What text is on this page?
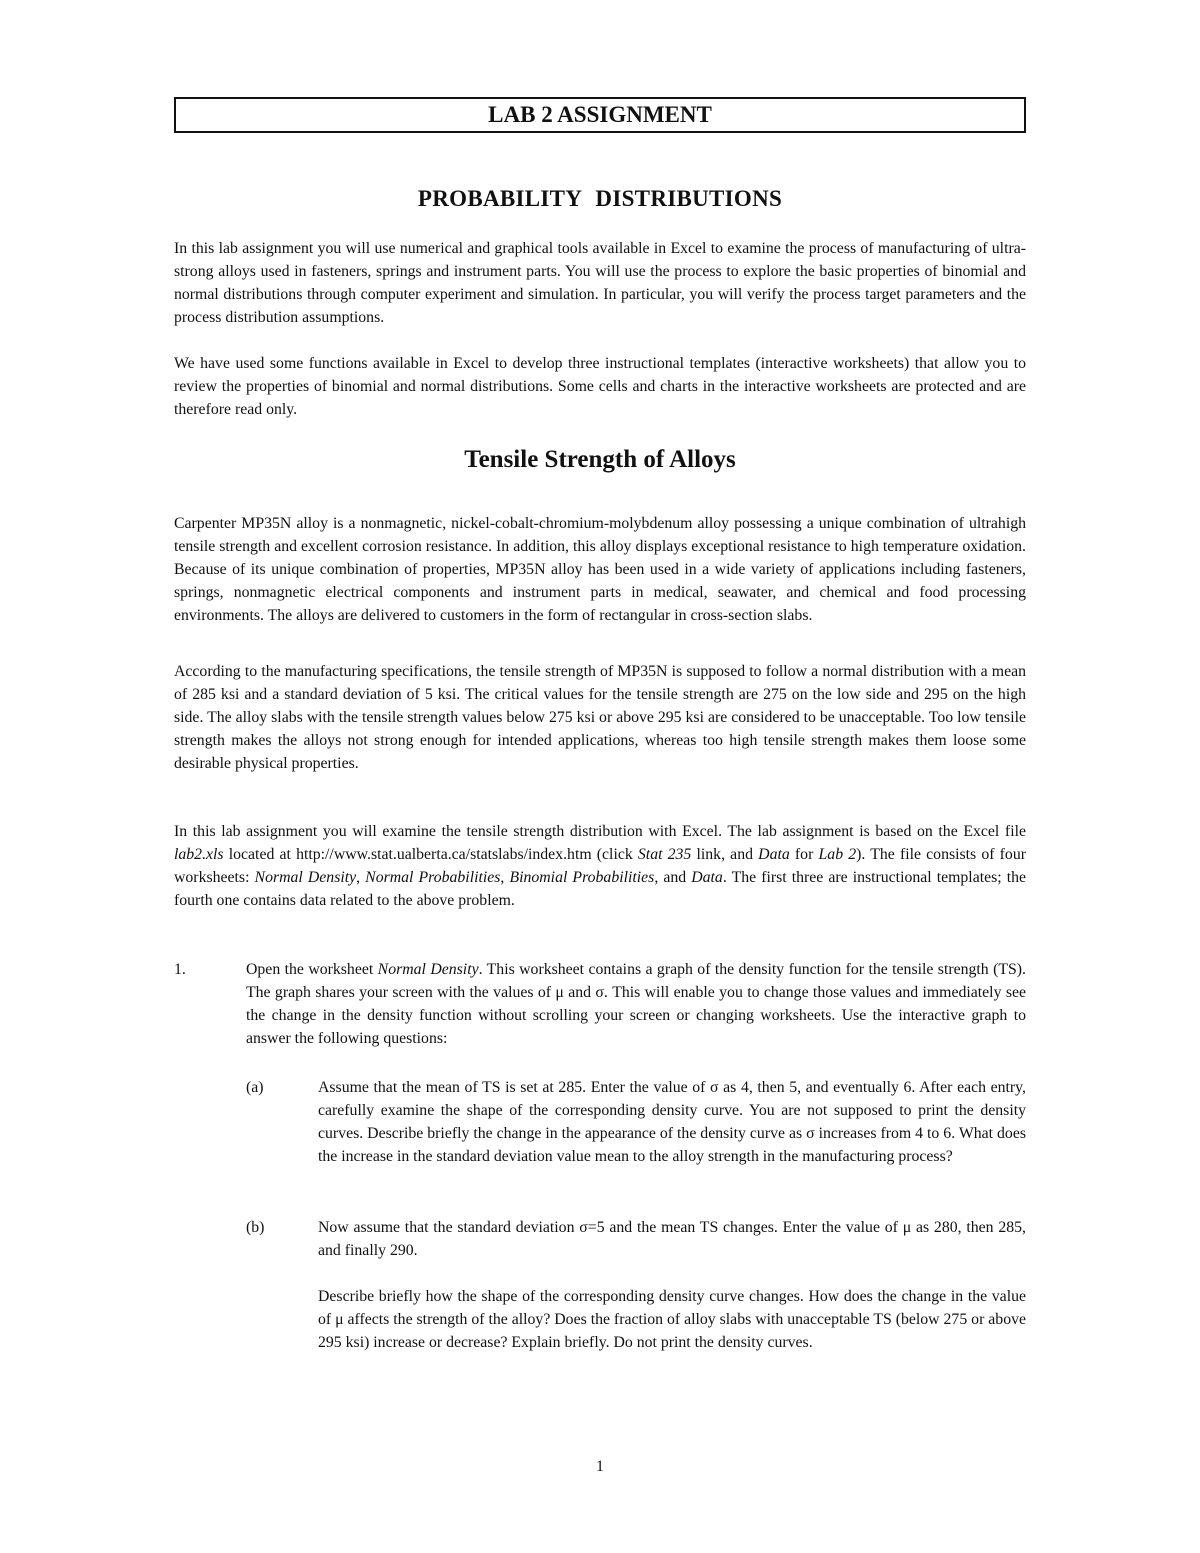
LAB 2 ASSIGNMENT
PROBABILITY DISTRIBUTIONS

In this lab assignment you will use numerical and graphical tools available in Excel to examine the process of manufacturing of ultra-strong alloys used in fasteners, springs and instrument parts. You will use the process to explore the basic properties of binomial and normal distributions through computer experiment and simulation. In particular, you will verify the process target parameters and the process distribution assumptions.

We have used some functions available in Excel to develop three instructional templates (interactive worksheets) that allow you to review the properties of binomial and normal distributions. Some cells and charts in the interactive worksheets are protected and are therefore read only.

Tensile Strength of Alloys

Carpenter MP35N alloy is a nonmagnetic, nickel-cobalt-chromium-molybdenum alloy possessing a unique combination of ultrahigh tensile strength and excellent corrosion resistance. In addition, this alloy displays exceptional resistance to high temperature oxidation. Because of its unique combination of properties, MP35N alloy has been used in a wide variety of applications including fasteners, springs, nonmagnetic electrical components and instrument parts in medical, seawater, and chemical and food processing environments. The alloys are delivered to customers in the form of rectangular in cross-section slabs.

According to the manufacturing specifications, the tensile strength of MP35N is supposed to follow a normal distribution with a mean of 285 ksi and a standard deviation of 5 ksi. The critical values for the tensile strength are 275 on the low side and 295 on the high side. The alloy slabs with the tensile strength values below 275 ksi or above 295 ksi are considered to be unacceptable. Too low tensile strength makes the alloys not strong enough for intended applications, whereas too high tensile strength makes them loose some desirable physical properties.

In this lab assignment you will examine the tensile strength distribution with Excel. The lab assignment is based on the Excel file lab2.xls located at http://www.stat.ualberta.ca/statslabs/index.htm (click Stat 235 link, and Data for Lab 2). The file consists of four worksheets: Normal Density, Normal Probabilities, Binomial Probabilities, and Data. The first three are instructional templates; the fourth one contains data related to the above problem.

1.	Open the worksheet Normal Density. This worksheet contains a graph of the density function for the tensile strength (TS). The graph shares your screen with the values of μ and σ. This will enable you to change those values and immediately see the change in the density function without scrolling your screen or changing worksheets. Use the interactive graph to answer the following questions:

(a)	Assume that the mean of TS is set at 285. Enter the value of σ as 4, then 5, and eventually 6. After each entry, carefully examine the shape of the corresponding density curve. You are not supposed to print the density curves. Describe briefly the change in the appearance of the density curve as σ increases from 4 to 6. What does the increase in the standard deviation value mean to the alloy strength in the manufacturing process?

(b)	Now assume that the standard deviation σ=5 and the mean TS changes. Enter the value of μ as 280, then 285, and finally 290.

Describe briefly how the shape of the corresponding density curve changes. How does the change in the value of μ affects the strength of the alloy? Does the fraction of alloy slabs with unacceptable TS (below 275 or above 295 ksi) increase or decrease? Explain briefly. Do not print the density curves.

1
